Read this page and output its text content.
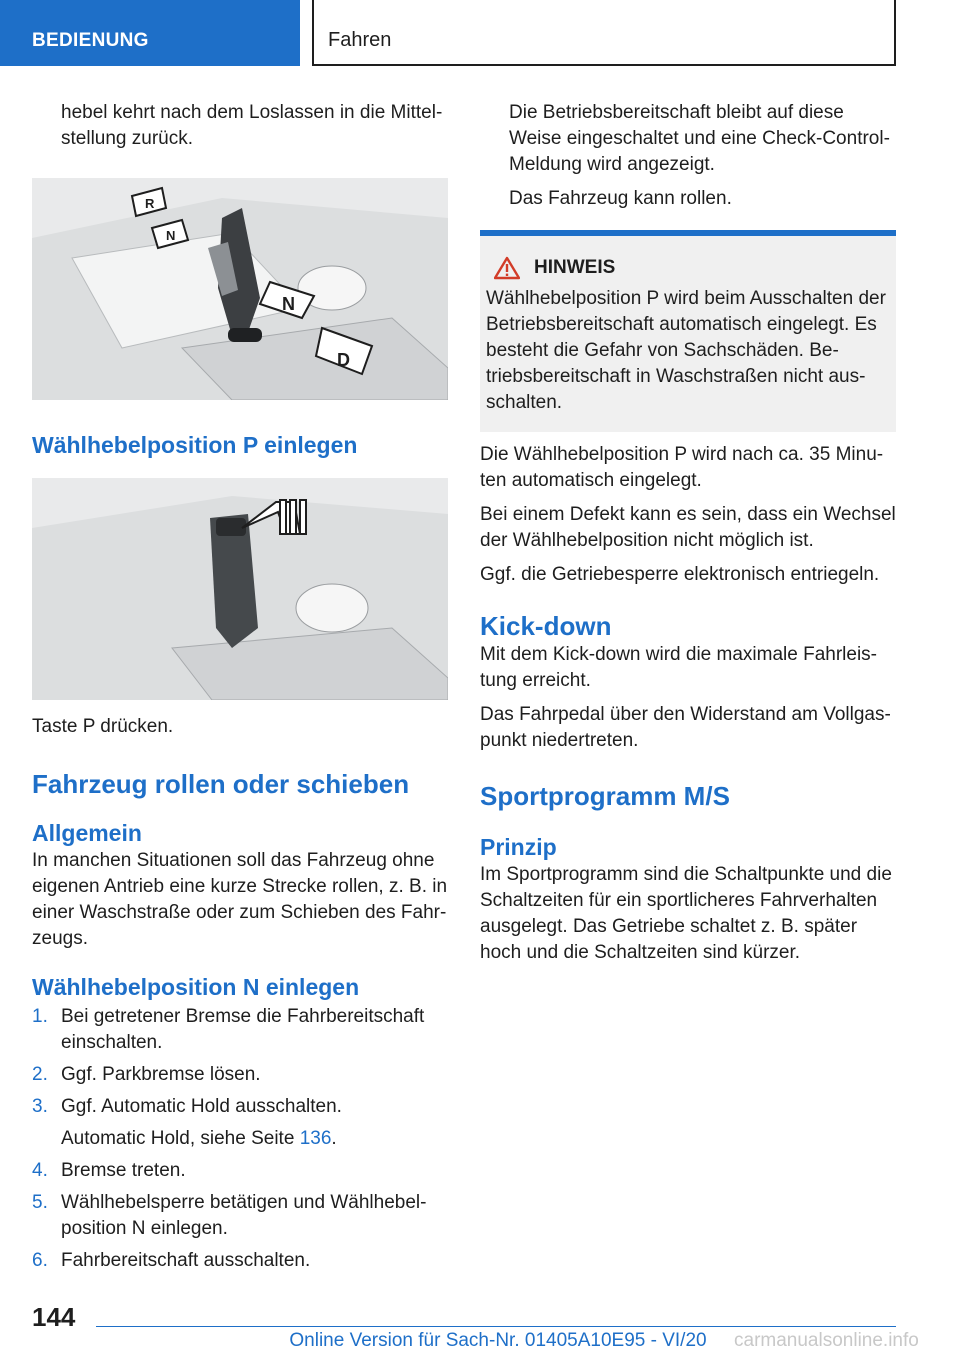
BEDIENUNG	Fahren

hebel kehrt nach dem Loslassen in die Mittelstellung zurück.

R
N
N
D
Wählhebelposition P einlegen

Taste P drücken.

Fahrzeug rollen oder schieben
Allgemein

In manchen Situationen soll das Fahrzeug ohne eigenen Antrieb eine kurze Strecke rollen, z. B. in einer Waschstraße oder zum Schieben des Fahrzeugs.

Wählhebelposition N einlegen
1. Bei getretener Bremse die Fahrbereitschaft einschalten.
2. Ggf. Parkbremse lösen.
3. Ggf. Automatic Hold ausschalten.
Automatic Hold, siehe Seite 136.
4. Bremse treten.
5. Wählhebelsperre betätigen und Wählhebelposition N einlegen.
6. Fahrbereitschaft ausschalten.

Die Betriebsbereitschaft bleibt auf diese Weise eingeschaltet und eine Check-Control-Meldung wird angezeigt.

Das Fahrzeug kann rollen.

HINWEIS

Wählhebelposition P wird beim Ausschalten der Betriebsbereitschaft automatisch eingelegt. Es besteht die Gefahr von Sachschäden. Betriebsbereitschaft in Waschstraßen nicht ausschalten.

Die Wählhebelposition P wird nach ca. 35 Minuten automatisch eingelegt.

Bei einem Defekt kann es sein, dass ein Wechsel der Wählhebelposition nicht möglich ist.

Ggf. die Getriebesperre elektronisch entriegeln.

Kick-down

Mit dem Kick-down wird die maximale Fahrleistung erreicht.

Das Fahrpedal über den Widerstand am Vollgaspunkt niedertreten.

Sportprogramm M/S
Prinzip

Im Sportprogramm sind die Schaltpunkte und die Schaltzeiten für ein sportlicheres Fahrverhalten ausgelegt. Das Getriebe schaltet z. B. später hoch und die Schaltzeiten sind kürzer.

144
Online Version für Sach-Nr. 01405A10E95 - VI/20	carmanualsonline.info
